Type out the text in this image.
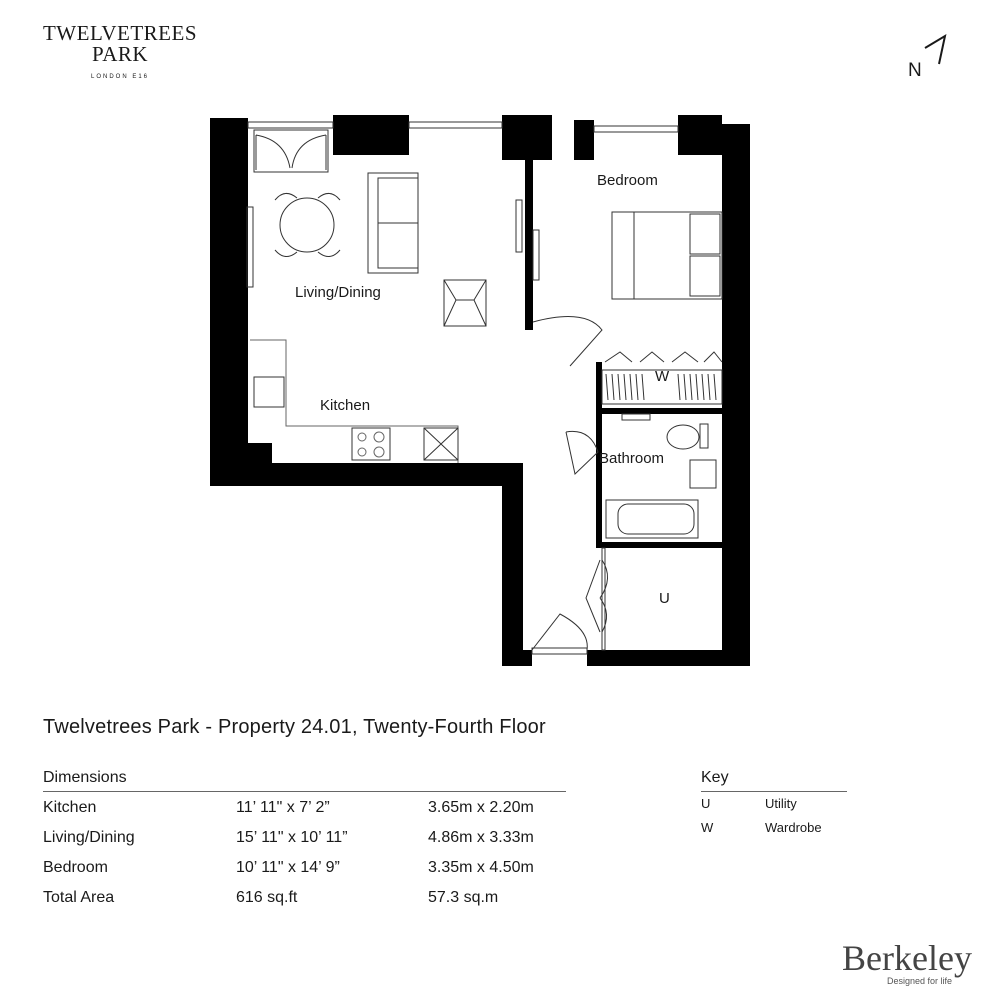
TWELVETREES
PARK
LONDON E16	N
Bedroom
Living/Dining
Kitchen
Bathroom
W
U
Twelvetrees Park - Property 24.01, Twenty-Fourth Floor
Dimensions
Kitchen	11’ 11" x 7’ 2”	3.65m x 2.20m
Living/Dining	15’ 11" x 10’ 11”	4.86m x 3.33m
Bedroom	10’ 11" x 14’ 9”	3.35m x 4.50m
Total Area	616 sq.ft	57.3 sq.m
Key
U	Utility
W	Wardrobe
Berkeley
Designed for life
